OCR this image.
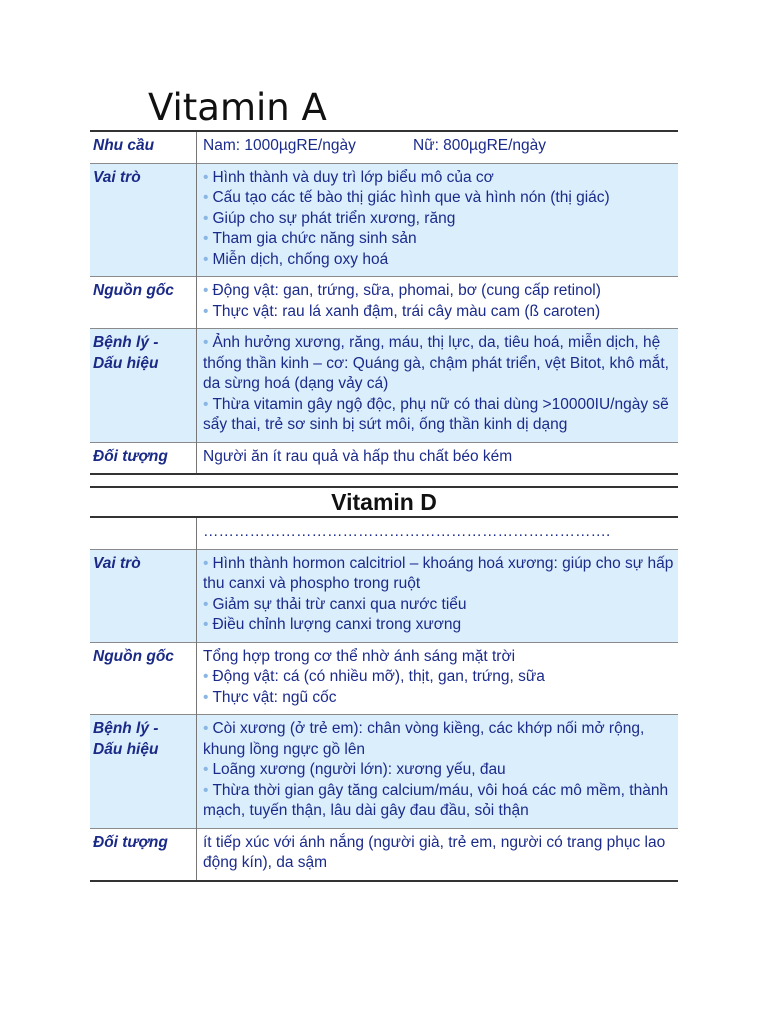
Vitamin A
Nhu cầu	Nam: 1000µgRE/ngày Nữ: 800µgRE/ngày
Vai trò	• Hình thành và duy trì lớp biểu mô của cơ
• Cấu tạo các tế bào thị giác hình que và hình nón (thị giác)
• Giúp cho sự phát triển xương, răng
• Tham gia chức năng sinh sản
• Miễn dịch, chống oxy hoá

Nguồn gốc	• Động vật: gan, trứng, sữa, phomai, bơ (cung cấp retinol)
• Thực vật: rau lá xanh đậm, trái cây màu cam (ß caroten)

Bệnh lý - Dấu hiệu	• Ảnh hưởng xương, răng, máu, thị lực, da, tiêu hoá, miễn dịch, hệ thống thần kinh – cơ: Quáng gà, chậm phát triển, vệt Bitot, khô mắt, da sừng hoá (dạng vảy cá)
• Thừa vitamin gây ngộ độc, phụ nữ có thai dùng >10000IU/ngày sẽ sẩy thai, trẻ sơ sinh bị sứt môi, ống thần kinh dị dạng

Đối tượng	Người ăn ít rau quả và hấp thu chất béo kém
Vitamin D
	…………………………………………………………………….
Vai trò	• Hình thành hormon calcitriol – khoáng hoá xương: giúp cho sự hấp thu canxi và phospho trong ruột
• Giảm sự thải trừ canxi qua nước tiểu
• Điều chỉnh lượng canxi trong xương

Nguồn gốc	Tổng hợp trong cơ thể nhờ ánh sáng mặt trời
• Động vật: cá (có nhiều mỡ), thịt, gan, trứng, sữa
• Thực vật: ngũ cốc

Bệnh lý - Dấu hiệu	• Còi xương (ở trẻ em): chân vòng kiềng, các khớp nối mở rộng, khung lồng ngực gồ lên
• Loãng xương (người lớn): xương yếu, đau
• Thừa thời gian gây tăng calcium/máu, vôi hoá các mô mềm, thành mạch, tuyến thận, lâu dài gây đau đầu, sỏi thận

Đối tượng	ít tiếp xúc với ánh nắng (người già, trẻ em, người có trang phục lao động kín), da sậm
